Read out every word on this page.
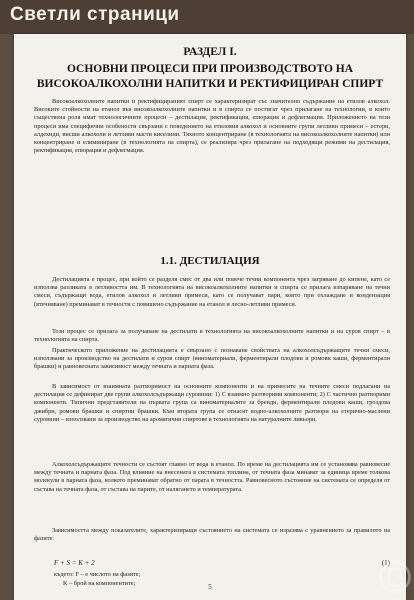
Светли страници
РАЗДЕЛ I.
ОСНОВНИ ПРОЦЕСИ ПРИ ПРОИЗВОДСТВОТО НА ВИСОКОАЛКОХОЛНИ НАПИТКИ И РЕКТИФИЦИРАН СПИРТ

Високоалкохолните напитки и ректифицираният спирт се характеризират със значително съдържание на етилов алкохол. Високите стойности на етанол във високоалкохолните напитки и в спирта се постигат чрез прилагане на технологии, в които съществена роля имат технологичните процеси – дестилация, ректификация, епюрация и дефлегмация. Приложението на тези процеси има специфични особености свързани с поведението на етиловия алкохол и основните групи летливи примеси – естери, алдехиди, висши алкохоли и летливи масти киселини. Тяхното концентриране (в технологията на високоалкохолните напитки) или концентриране и елиминиране (в технологията на спирта), се реализира чрез прилагане на подходящи режими на дестилация, ректификация, епюрация и дефлегмация.

1.1. ДЕСТИЛАЦИЯ

Дестилацията е процес, при който се разделя смес от два или повече течни компонента чрез загряване до кипене, като се използва разликата в летливостта им. В технологията на високоалкохолните напитки и спирта се прилага изпаряване на течни смеси, съдържащи вода, етилов алкохол и летливи примеси, като се получават пари, които при охлаждане и кондензация (втечняване) преминават в течности с повишено съдържание на етанол и лесно-летливи примеси.

Този процес се прилага за получаване на дестилати в технологията на високоалкохолните напитки и на суров спирт – в технологията на спирта.

Практическото приложение на дестилацията е свързано с познаване свойствата на алкохолсъдържащите течни смеси, използвани за производство на дестилати и суров спирт (виноматериали, ферментирали плодови и ромови каши, ферментирали брашки) и равновесната зависимост между течната и парната фаза.

В зависимост от взаимната разтворимост на основните компоненти и на примесите на течните смеси подлагани на дестилация се дефинират две групи алкохолсъдържащи суровини: 1) С взаимно разтворими компоненти; 2) С частично разтворими компоненти. Типични представители на първата група са виноматериалите за бренди, ферментирали плодови каши, гроздова джибри, ромови брашки и спиртни брашки. Към втората група се отнасят водно-алкохолните разтвори на етерично-маслени суровини – използвани за производство на ароматични спиртове в технологията на натуралните ликьори.

Алкохолсъдържащите течности се състоят главно от вода и етанол. По време на дестилацията им се установява равновесие между течната и парната фаза. Под влияние на внесената в системата топлина, от течната фаза минават за единица време толкова молекули в парната фаза, колкото преминават обратно от парата в течността. Равновесното състояние на системата се определя от състава на течната фаза, от състава на парите, от налягането и температурата.

Зависимостта между показателите, характеризиращи състоянието на системата се изразява с уравнението за правилото на фазите:

F + S = K + 2	(1)
където: F – е числото на фазите;
K – брой на компонентите;	5
